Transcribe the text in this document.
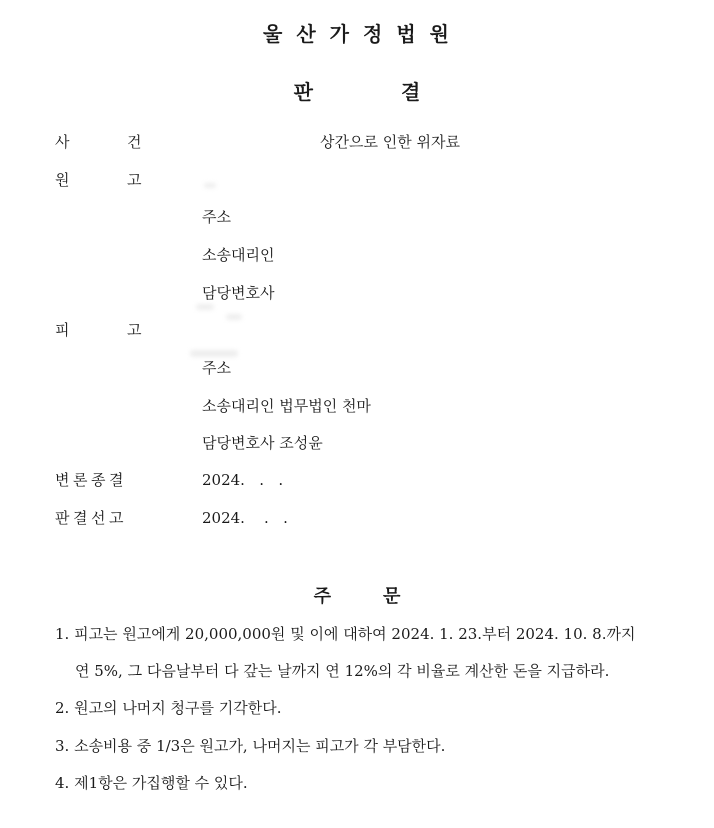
울 산 가 정 법 원
판	결
사	건	상간으로 인한 위자료
원	고
주소
소송대리인
담당변호사
피	고
주소
소송대리인 법무법인 천마
담당변호사 조성윤
변 론 종 결	2024.   .   .
판 결 선 고	2024.    .   .
주	문
1. 피고는 원고에게 20,000,000원 및 이에 대하여 2024. 1. 23.부터 2024. 10. 8.까지
연 5%, 그 다음날부터 다 갚는 날까지 연 12%의 각 비율로 계산한 돈을 지급하라.
2. 원고의 나머지 청구를 기각한다.
3. 소송비용 중 1/3은 원고가, 나머지는 피고가 각 부담한다.
4. 제1항은 가집행할 수 있다.
